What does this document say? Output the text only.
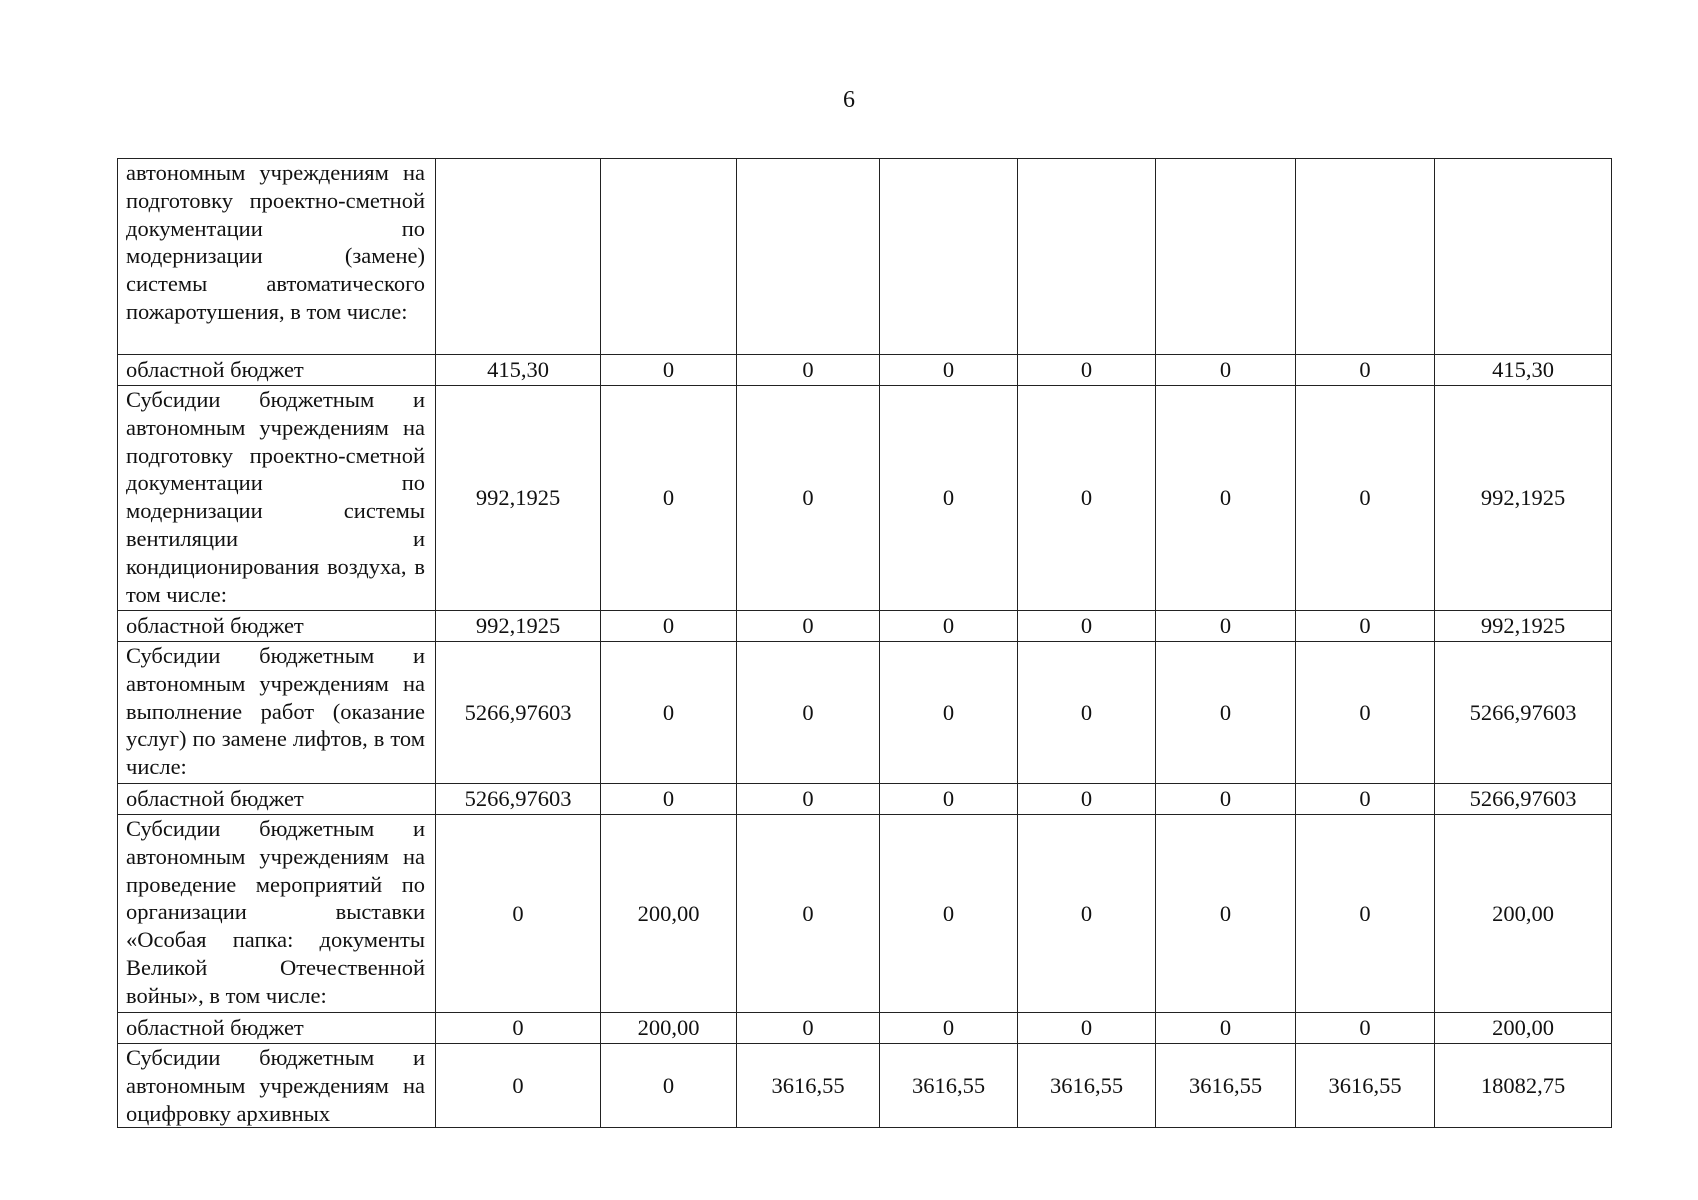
6
автономным учреждениям на подготовку проектно-сметной документации по модернизации (замене) системы автоматического пожаротушения, в том числе:								
областной бюджет	415,30	0	0	0	0	0	0	415,30
Субсидии бюджетным и автономным учреждениям на подготовку проектно-сметной документации по модернизации системы вентиляции и кондиционирования воздуха, в том числе:	992,1925	0	0	0	0	0	0	992,1925
областной бюджет	992,1925	0	0	0	0	0	0	992,1925
Субсидии бюджетным и автономным учреждениям на выполнение работ (оказание услуг) по замене лифтов, в том числе:	5266,97603	0	0	0	0	0	0	5266,97603
областной бюджет	5266,97603	0	0	0	0	0	0	5266,97603
Субсидии бюджетным и автономным учреждениям на проведение мероприятий по организации выставки «Особая папка: документы Великой Отечественной войны», в том числе:	0	200,00	0	0	0	0	0	200,00
областной бюджет	0	200,00	0	0	0	0	0	200,00
Субсидии бюджетным и автономным учреждениям на оцифровку архивных	0	0	3616,55	3616,55	3616,55	3616,55	3616,55	18082,75
